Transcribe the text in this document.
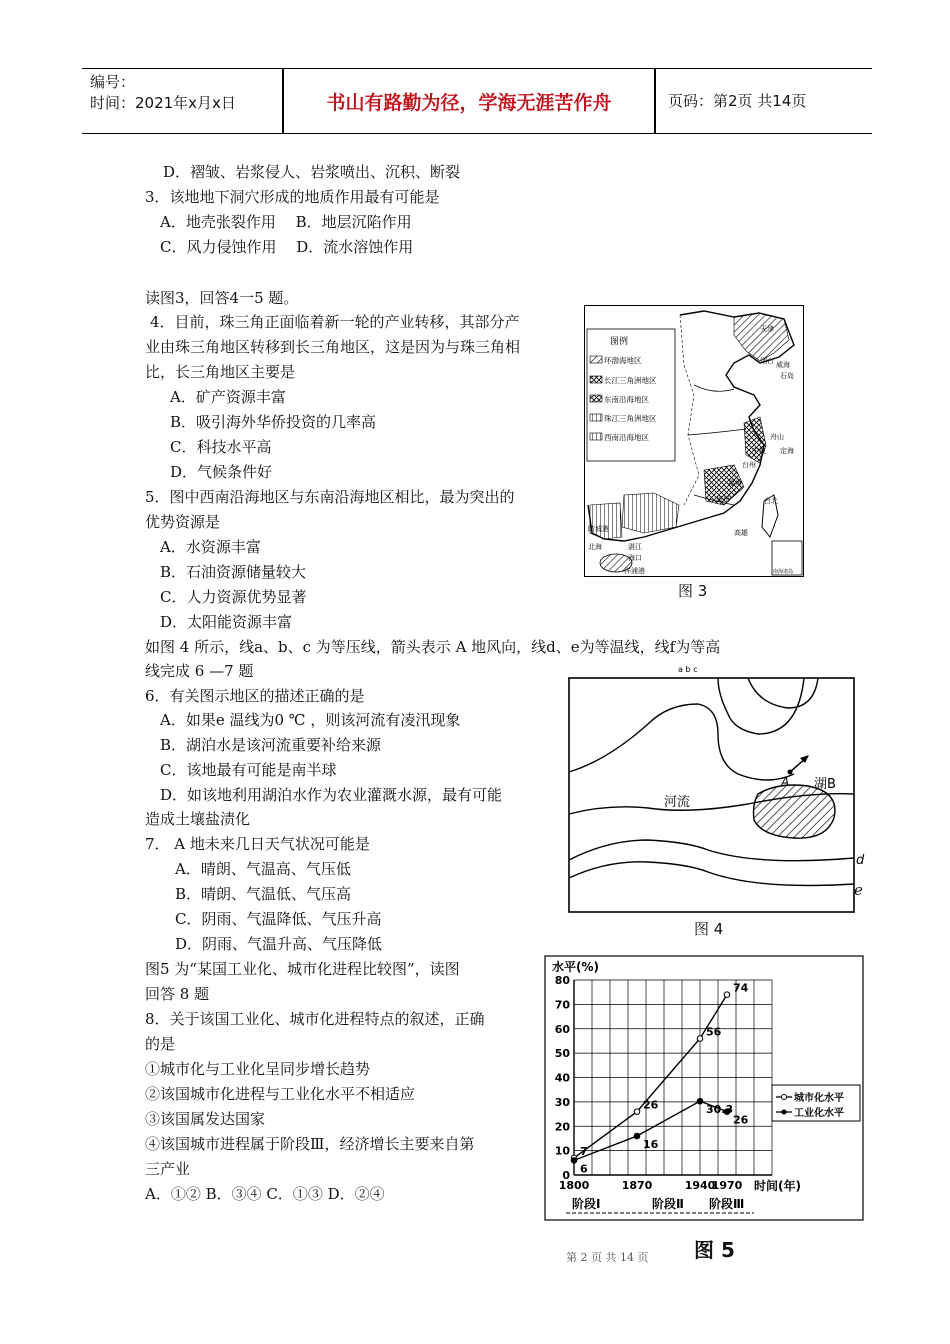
编号：
时间：2021年x月x日	书山有路勤为径，学海无涯苦作舟	页码：第2页 共14页
D．褶皱、岩浆侵人、岩浆喷出、沉积、断裂
3．该地地下洞穴形成的地质作用最有可能是
A．地壳张裂作用　 B．地层沉陷作用
C．风力侵蚀作用　 D．流水溶蚀作用
读图3，回答4一5 题。
4．目前，珠三角正面临着新一轮的产业转移，其部分产
业由珠三角地区转移到长三角地区，这是因为与珠三角相
比，长三角地区主要是
A．矿产资源丰富
B．吸引海外华侨投资的几率高
C．科技水平高
D．气候条件好
5．图中西南沿海地区与东南沿海地区相比，最为突出的
优势资源是
A．水资源丰富
B．石油资源储量较大
C．人力资源优势显著
D．太阳能资源丰富
如图 4 所示，线a、b、c 为等压线，箭头表示 A 地风向，线d、e为等温线，线f为等高
线完成 6 —7 题
6．有关图示地区的描述正确的是
A．如果e 温线为0 ℃ ，则该河流有凌汛现象
B．湖泊水是该河流重要补给来源
C．该地最有可能是南半球
D．如该地利用湖泊水作为农业灌溉水源，最有可能
造成土壤盐渍化
7． A 地未来几日天气状况可能是
A．晴朗、气温高、气压低
B．晴朗、气温低、气压高
C．阴雨、气温降低、气压升高
D．阴雨、气温升高、气压降低
图5 为“某国工业化、城市化进程比较图”，读图
回答 8 题
8．关于该国工业化、城市化进程特点的叙述，正确
的是
①城市化与工业化呈同步增长趋势
②该国城市化进程与工业化水平不相适应
③该国属发达国家
④该国城市进程属于阶段Ⅲ，经济增长主要来自第
三产业
A．①② B．③④ C．①③ D．②④
图例
环渤海地区
长江三角洲地区
东南沿海地区
珠江三角洲地区
西南沿海地区
天津
烟台 威海
石岛
舟山
宁波
台州
定海
福州
泉州	台北
高雄
防城港
北海	湛江
海口
洋浦港	南海诸岛
图 3
a b c
A 湖B
河流
d
e
图 4
水平(%)
时间(年)
0
10
20
30
40
50
60
70
80
1800	1870	1940
1970
7
26
56
74
6
16
30.3
26
城市化水平
工业化水平
阶段Ⅰ	阶段Ⅱ 阶段Ⅲ
图 5
第 2 页 共 14 页
